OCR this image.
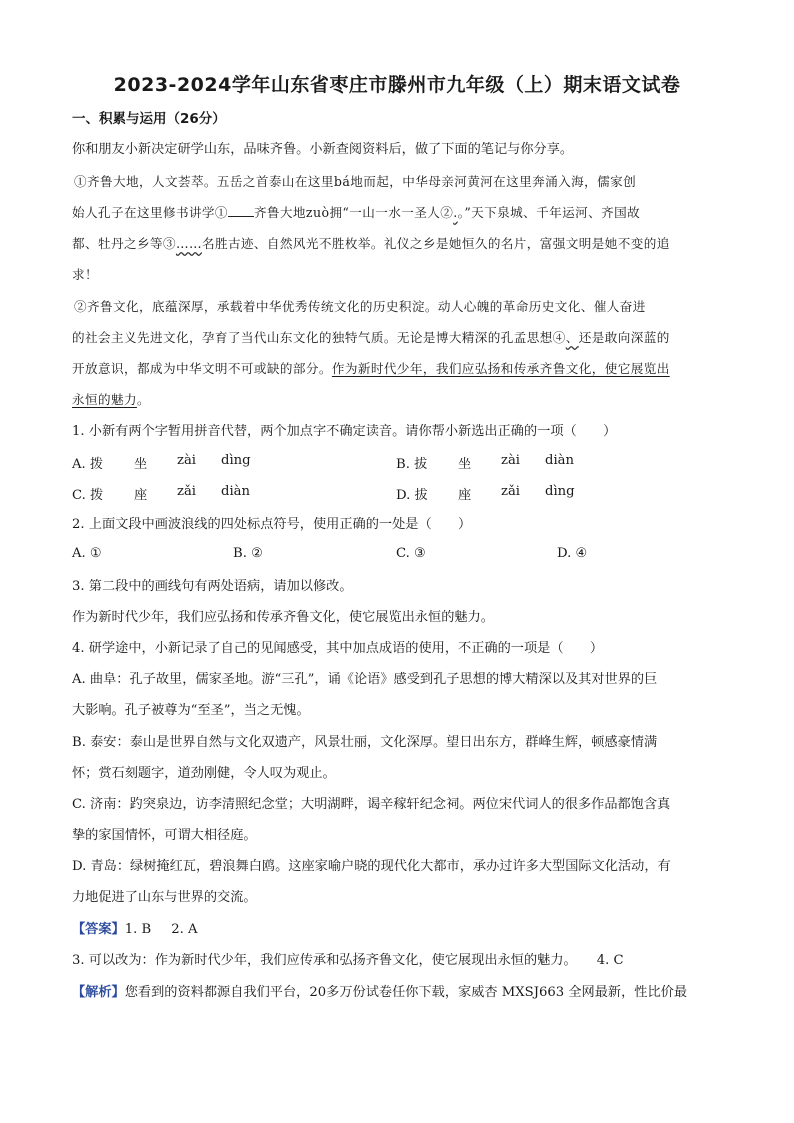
2023-2024学年山东省枣庄市滕州市九年级（上）期末语文试卷
一、积累与运用（26分）
你和朋友小新决定研学山东，品味齐鲁。小新查阅资料后，做了下面的笔记与你分享。
①齐鲁大地，人文荟萃。五岳之首泰山在这里bá地而起，中华母亲河黄河在这里奔涌入海，儒家创
始人孔子在这里修书讲学① 齐鲁大地zuò拥“一山一水一圣人②.。”天下泉城、千年运河、齐国故
都、牡丹之乡等③……名胜古迹、自然风光不胜枚举。礼仪之乡是她恒久的名片，富强文明是她不变的追
求！
②齐鲁文化，底蕴深厚，承载着中华优秀传统文化的历史积淀。动人心魄的革命历史文化、催人奋进
的社会主义先进文化，孕育了当代山东文化的独特气质。无论是博大精深的孔孟思想④、还是敢向深蓝的
开放意识，都成为中华文明不可或缺的部分。作为新时代少年，我们应弘扬和传承齐鲁文化，使它展览出
永恒的魅力。
1. 小新有两个字暂用拼音代替，两个加点字不确定读音。请你帮小新选出正确的一项（　　）
A. 拨 坐 zài dìng	B. 拔 坐 zài diàn
C. 拨 座 zǎi diàn	D. 拔 座 zǎi dìng
2. 上面文段中画波浪线的四处标点符号，使用正确的一处是（　　）
A. ①	B. ②	C. ③	D. ④
3. 第二段中的画线句有两处语病，请加以修改。
作为新时代少年，我们应弘扬和传承齐鲁文化，使它展览出永恒的魅力。
4. 研学途中，小新记录了自己的见闻感受，其中加点成语的使用，不正确的一项是（　　）
A. 曲阜：孔子故里，儒家圣地。游“三孔”，诵《论语》感受到孔子思想的博大精深以及其对世界的巨
大影响。孔子被尊为“至圣”，当之无愧。
B. 泰安：泰山是世界自然与文化双遗产，风景壮丽，文化深厚。望日出东方，群峰生辉，顿感豪情满
怀；赏石刻题字，道劲刚健，令人叹为观止。
C. 济南：趵突泉边，访李清照纪念堂；大明湖畔，谒辛稼轩纪念祠。两位宋代词人的很多作品都饱含真
挚的家国情怀，可谓大相径庭。
D. 青岛：绿树掩红瓦，碧浪舞白鸥。这座家喻户晓的现代化大都市，承办过许多大型国际文化活动，有
力地促进了山东与世界的交流。
【答案】1. B 2. A
3. 可以改为：作为新时代少年，我们应传承和弘扬齐鲁文化，使它展现出永恒的魅力。 4. C
【解析】您看到的资料都源自我们平台，20多万份试卷任你下载，家威杏 MXSJ663 全网最新，性比价最
